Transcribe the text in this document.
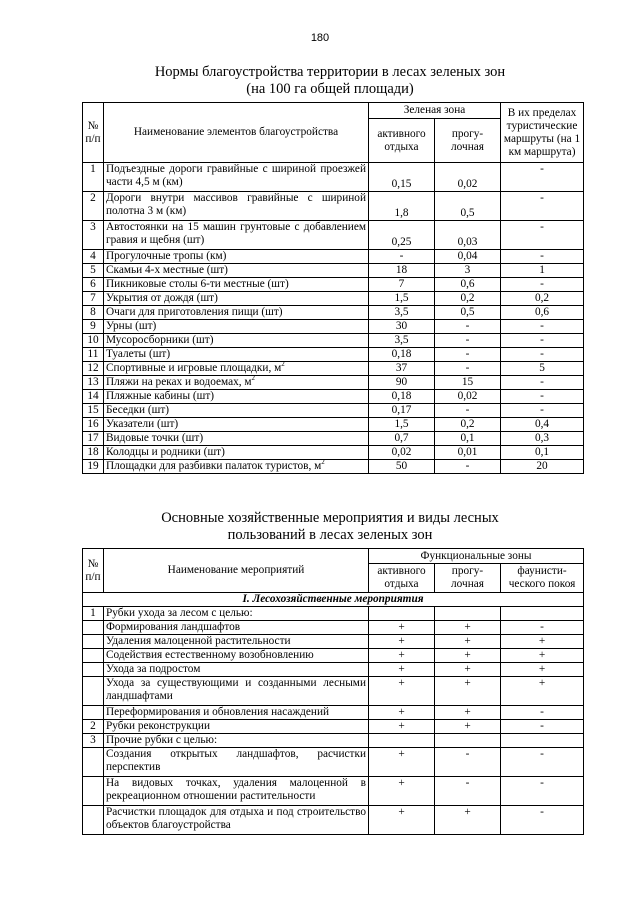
180
Нормы благоустройства территории в лесах зеленых зон
(на 100 га общей площади)
№ п/п	Наименование элементов благоустройства	Зеленая зона		В их пределах туристические маршруты (на 1 км маршрута)
		активного отдыха	прогу-лочная	
1	Подъездные дороги гравийные с шириной проезжей части 4,5 м (км)	0,15	0,02	-
2	Дороги внутри массивов гравийные с шириной полотна 3 м (км)	1,8	0,5	-
3	Автостоянки на 15 машин грунтовые с добавлением гравия и щебня (шт)	0,25	0,03	-
4	Прогулочные тропы (км)	-	0,04	-
5	Скамьи 4-х местные (шт)	18	3	1
6	Пикниковые столы 6-ти местные (шт)	7	0,6	-
7	Укрытия от дождя (шт)	1,5	0,2	0,2
8	Очаги для приготовления пищи (шт)	3,5	0,5	0,6
9	Урны (шт)	30	-	-
10	Мусоросборники (шт)	3,5	-	-
11	Туалеты (шт)	0,18	-	-
12	Спортивные и игровые площадки, $м^2$	37	-	5
13	Пляжи на реках и водоемах, $м^2$	90	15	-
14	Пляжные кабины (шт)	0,18	0,02	-
15	Беседки (шт)	0,17	-	-
16	Указатели (шт)	1,5	0,2	0,4
17	Видовые точки (шт)	0,7	0,1	0,3
18	Колодцы и родники (шт)	0,02	0,01	0,1
19	Площадки для разбивки палаток туристов, $м^2$	50	-	20
Основные хозяйственные мероприятия и виды лесных
пользований в лесах зеленых зон
№ п/п	Наименование мероприятий	Функциональные зоны		
		активного отдыха	прогу-лочная	фаунисти-ческого покоя
I. Лесохозяйственные мероприятия				
1	Рубки ухода за лесом с целью:			
	Формирования ландшафтов	+	+	-
	Удаления малоценной растительности	+	+	+
	Содействия естественному возобновлению	+	+	+
	Ухода за подростом	+	+	+
	Ухода за существующими и созданными лесными ландшафтами	+	+	+
	Переформирования и обновления насаждений	+	+	-
2	Рубки реконструкции	+	+	-
3	Прочие рубки с целью:			
	Создания открытых ландшафтов, расчистки перспектив	+	-	-
	На видовых точках, удаления малоценной в рекреационном отношении растительности	+	-	-
	Расчистки площадок для отдыха и под строительство объектов благоустройства	+	+	-
